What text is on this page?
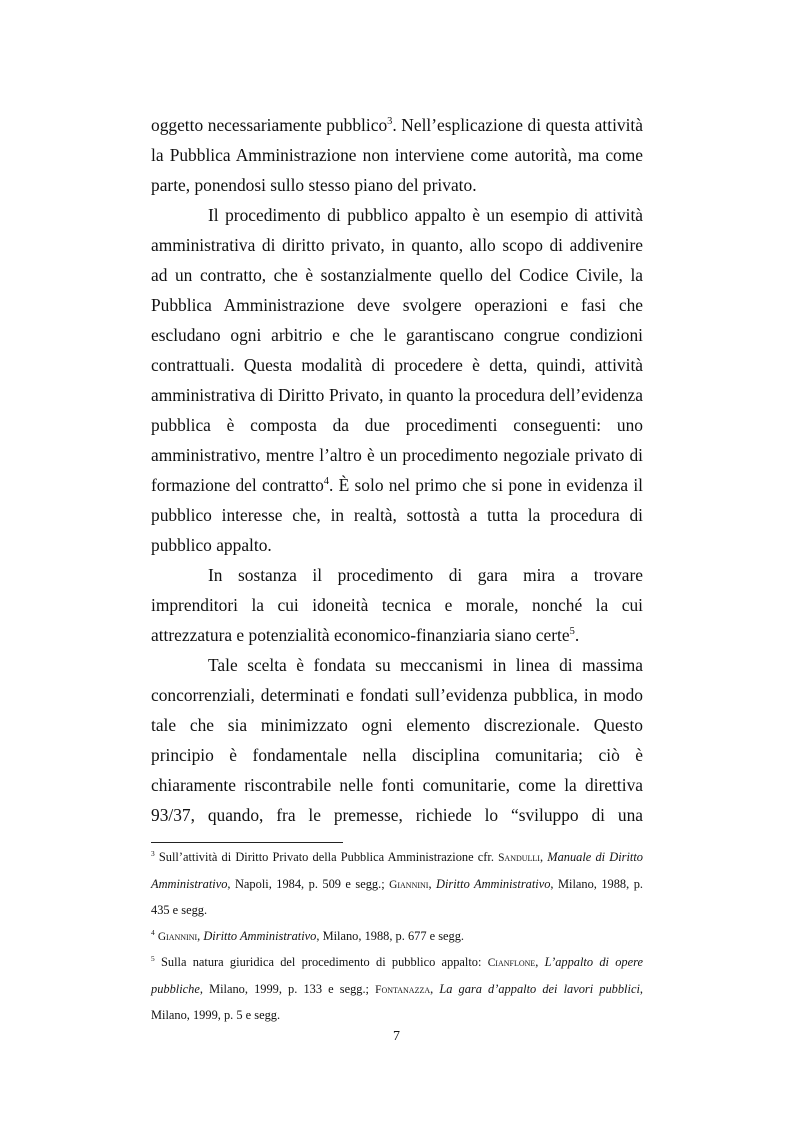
oggetto necessariamente pubblico$^3$. Nell’esplicazione di questa attività la Pubblica Amministrazione non interviene come autorità, ma come parte, ponendosi sullo stesso piano del privato.

Il procedimento di pubblico appalto è un esempio di attività amministrativa di diritto privato, in quanto, allo scopo di addivenire ad un contratto, che è sostanzialmente quello del Codice Civile, la Pubblica Amministrazione deve svolgere operazioni e fasi che escludano ogni arbitrio e che le garantiscano congrue condizioni contrattuali. Questa modalità di procedere è detta, quindi, attività amministrativa di Diritto Privato, in quanto la procedura dell’evidenza pubblica è composta da due procedimenti conseguenti: uno amministrativo, mentre l’altro è un procedimento negoziale privato di formazione del contratto$^4$. È solo nel primo che si pone in evidenza il pubblico interesse che, in realtà, sottostà a tutta la procedura di pubblico appalto.

In sostanza il procedimento di gara mira a trovare imprenditori la cui idoneità tecnica e morale, nonché la cui attrezzatura e potenzialità economico-finanziaria siano certe$^5$.

Tale scelta è fondata su meccanismi in linea di massima
concorrenziali, determinati e fondati sull’evidenza pubblica, in modo
tale che sia minimizzato ogni elemento discrezionale. Questo
principio è fondamentale nella disciplina comunitaria; ciò è
chiaramente riscontrabile nelle fonti comunitarie, come la direttiva
93/37, quando, fra le premesse, richiede lo “sviluppo di una

$^3$ Sull’attività di Diritto Privato della Pubblica Amministrazione cfr. Sandulli, Manuale di Diritto Amministrativo, Napoli, 1984, p. 509 e segg.; Giannini, Diritto Amministrativo, Milano, 1988, p. 435 e segg.

$^4$ Giannini, Diritto Amministrativo, Milano, 1988, p. 677 e segg.

$^5$ Sulla natura giuridica del procedimento di pubblico appalto: Cianflone, L’appalto di opere pubbliche, Milano, 1999, p. 133 e segg.; Fontanazza, La gara d’appalto dei lavori pubblici, Milano, 1999, p. 5 e segg.

7
